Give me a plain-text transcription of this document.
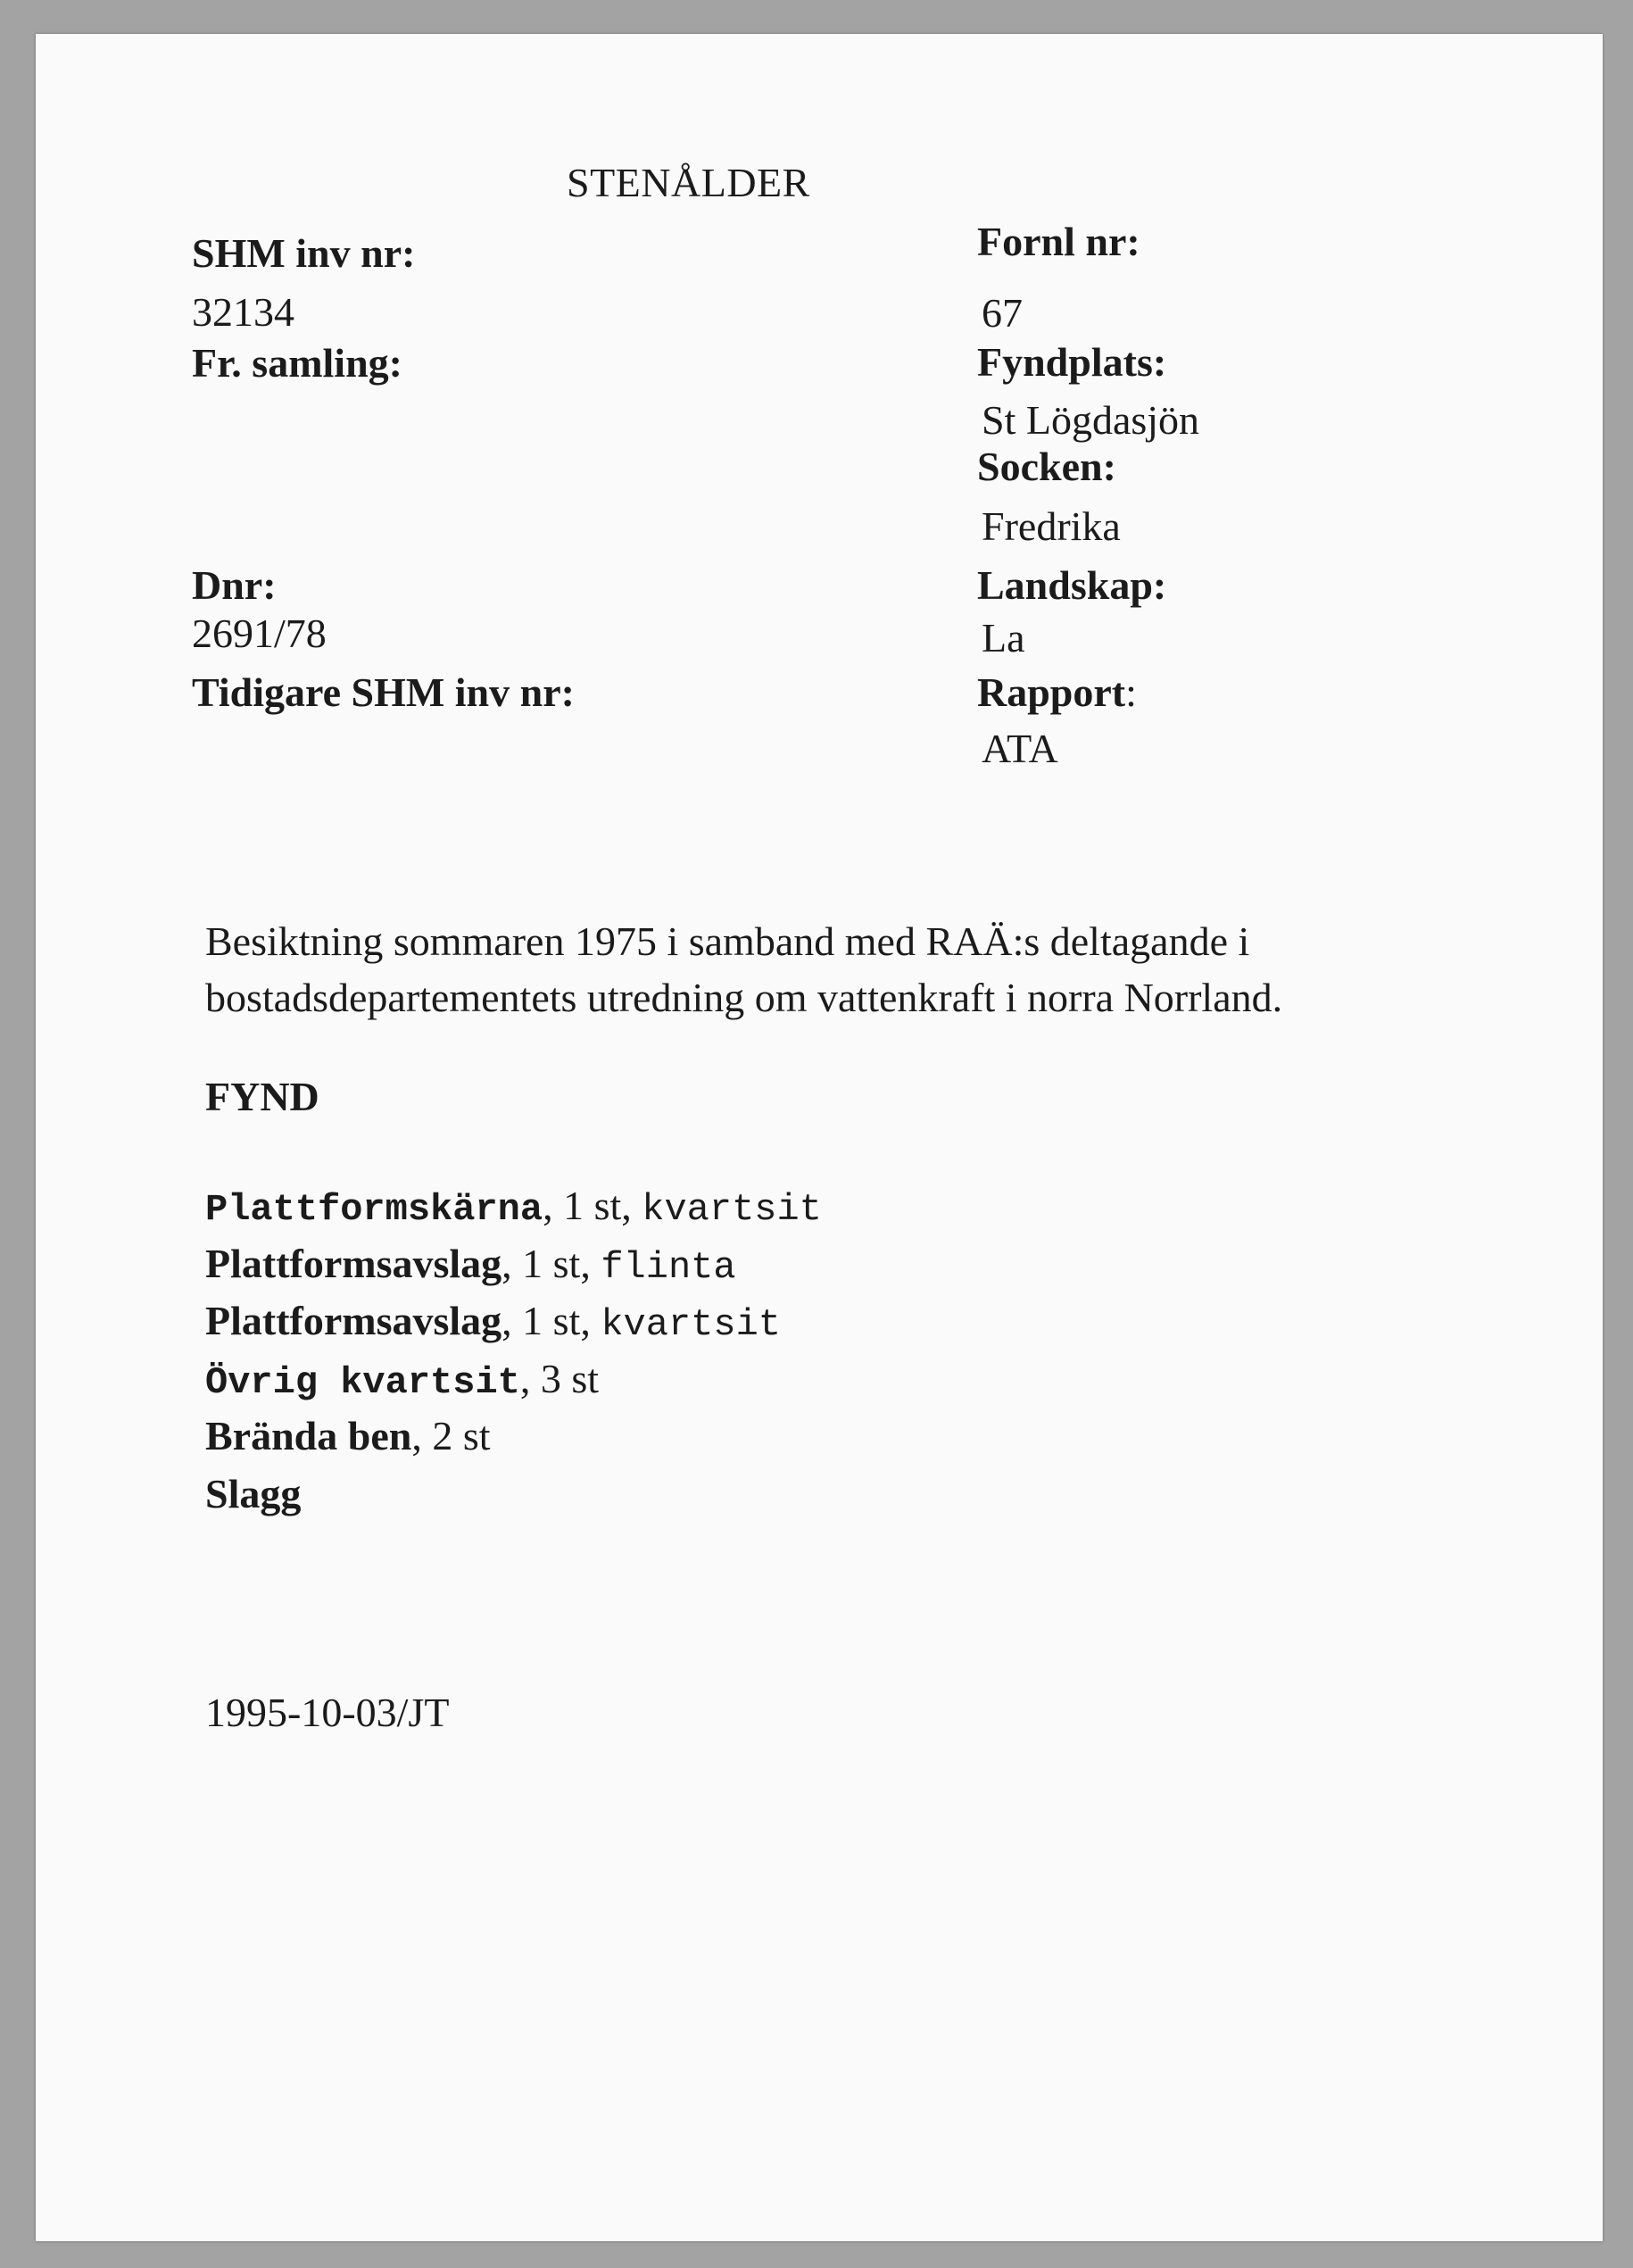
STENÅLDER
SHM inv nr:
32134
Fr. samling:
Dnr:
2691/78
Tidigare SHM inv nr:
Fornl nr:
67
Fyndplats:
St Lögdasjön
Socken:
Fredrika
Landskap:
La
Rapport:
ATA
Besiktning sommaren 1975 i samband med RAÄ:s deltagande i
bostadsdepartementets utredning om vattenkraft i norra Norrland.
FYND
Plattformskärna, 1 st, kvartsit
Plattformsavslag, 1 st, flinta
Plattformsavslag, 1 st, kvartsit
Övrig kvartsit, 3 st
Brända ben, 2 st
Slagg
1995-10-03/JT
